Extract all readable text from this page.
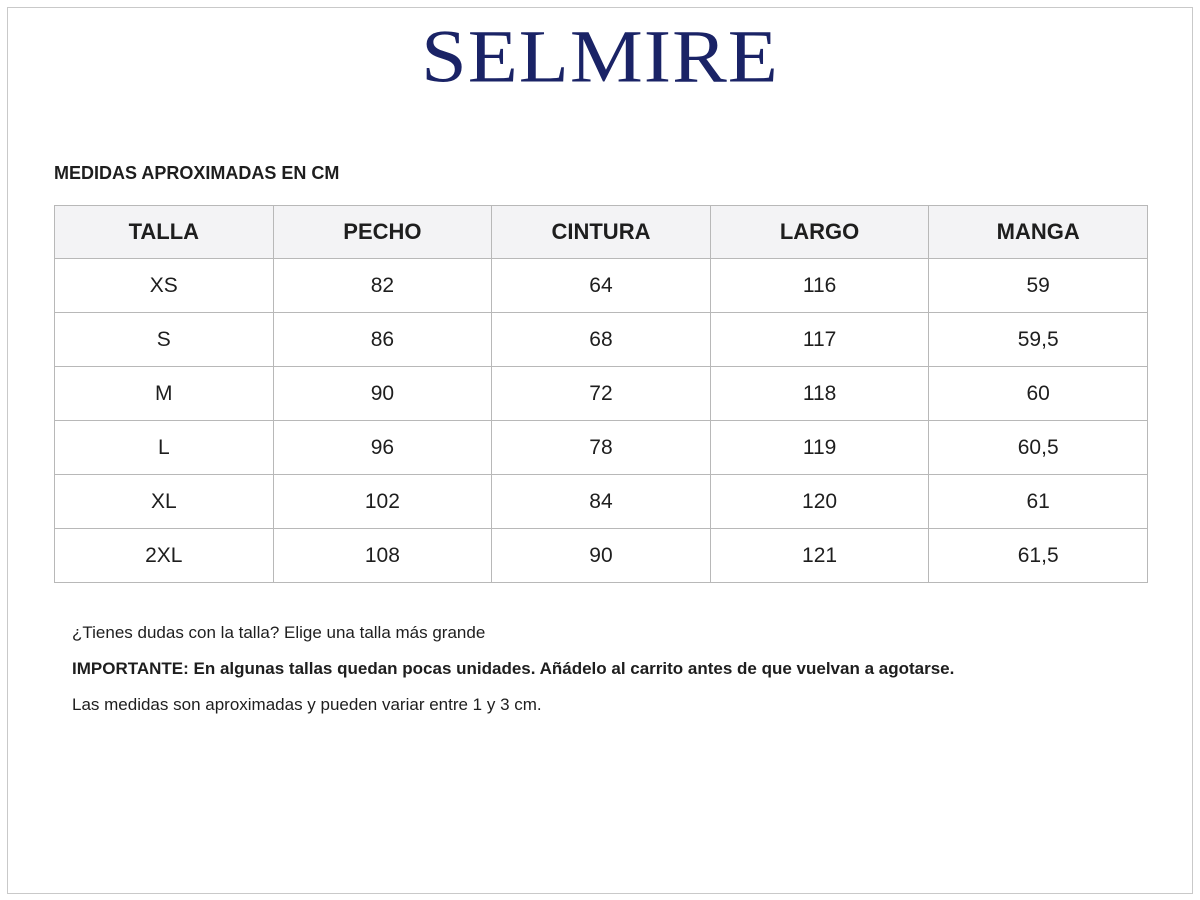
SELMIRE
MEDIDAS APROXIMADAS EN CM
TALLA	PECHO	CINTURA	LARGO	MANGA
XS	82	64	116	59
S	86	68	117	59,5
M	90	72	118	60
L	96	78	119	60,5
XL	102	84	120	61
2XL	108	90	121	61,5

¿Tienes dudas con la talla? Elige una talla más grande

IMPORTANTE: En algunas tallas quedan pocas unidades. Añádelo al carrito antes de que vuelvan a agotarse.

Las medidas son aproximadas y pueden variar entre 1 y 3 cm.
